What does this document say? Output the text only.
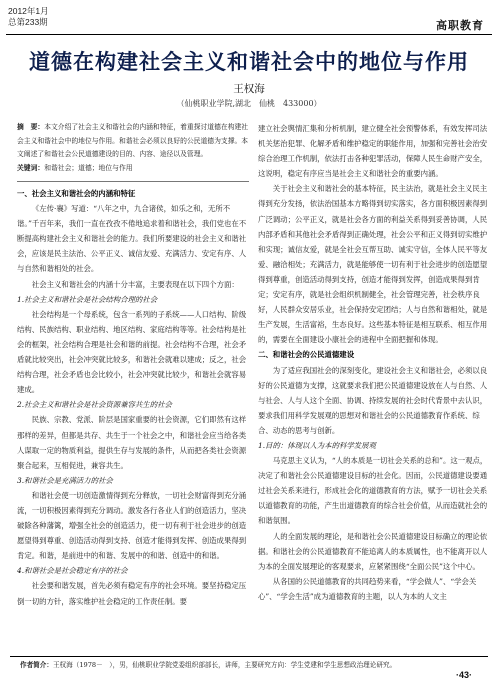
2012年1月
总第233期	高职教育
道德在构建社会主义和谐社会中的地位与作用
王权海
（仙桃职业学院,湖北　仙桃　433000）
摘　要：本文介绍了社会主义和谐社会的内涵和特征，着重探讨道德在构建社会主义和谐社会中的地位与作用。和谐社会必须以良好的公民道德为支撑。本文阐述了和谐社会公民道德建设的目的、内容、途径以及管理。
关键词：和谐社会；道德；地位与作用

一、社会主义和谐社会的内涵和特征

《左传·襄》写道：“八年之中，九合诸侯，如乐之和，无所不谐。”千百年来，我们一直在孜孜不倦地追求着和谐社会，我们党也在不断提高构建社会主义和谐社会的能力。我们所要建设的社会主义和谐社会，应该是民主法治、公平正义、诚信友爱、充满活力、安定有序、人与自然和谐相处的社会。

社会主义和谐社会的内涵十分丰富，主要表现在以下四个方面：

1.社会主义和谐社会是社会结构合理的社会

社会结构是一个母系统，包含一系列的子系统——人口结构、阶级结构、民族结构、职业结构、地区结构、家庭结构等等。社会结构是社会的框架，社会结构合理是社会和谐的前提。社会结构不合理，社会矛盾就比较突出，社会冲突就比较多，和谐社会就难以建成；反之，社会结构合理，社会矛盾也会比较小，社会冲突就比较少，和谐社会就容易建成。

2.社会主义和谐社会是社会资源兼容共生的社会

民族、宗教、党派、阶层是国家重要的社会资源，它们即然有这样那样的差异，但都是共存、共生于一个社会之中，和谐社会应当给各类人谋取一定的物质利益，提供生存与发展的条件，从而把各类社会资源聚合起来，互相促进，兼容共生。

3.和谐社会是充满活力的社会

和谐社会使一切创造激情得到充分释放，一切社会财富得到充分涌流，一切积极因素得到充分调动。激发各行各业人们的创造活力，坚决破除各种藩篱，增强全社会的创造活力，使一切有利于社会进步的创造愿望得到尊重、创造活动得到支持、创造才能得到发挥、创造成果得到肯定。和谐，是前进中的和谐、发展中的和谐、创造中的和谐。

4.和谐社会是社会稳定有序的社会

社会要和谐发展，首先必须有稳定有序的社会环境。要坚持稳定压倒一切的方针，落实维护社会稳定的工作责任制。要

建立社会舆情汇集和分析机制，建立健全社会预警体系，有效发挥司法机关惩治犯罪、化解矛盾和维护稳定的职能作用，加强和完善社会治安综合治理工作机制，依法打击各种犯罪活动，保障人民生命财产安全，这说明，稳定有序应当是社会主义和谐社会的重要内涵。

关于社会主义和谐社会的基本特征，民主法治，就是社会主义民主得到充分发扬，依法治国基本方略得到切实落实，各方面积极因素得到广泛调动；公平正义，就是社会各方面的利益关系得到妥善协调，人民内部矛盾和其他社会矛盾得到正确处理，社会公平和正义得到切实维护和实现；诚信友爱，就是全社会互帮互助、诚实守信，全体人民平等友爱、融洽相处；充满活力，就是能够使一切有利于社会进步的创造愿望得到尊重，创造活动得到支持，创造才能得到发挥，创造成果得到肯定；安定有序，就是社会组织机制健全，社会管理完善，社会秩序良好，人民群众安居乐业，社会保持安定团结；人与自然和谐相处，就是生产发展，生活富裕，生态良好。这些基本特征是相互联系、相互作用的，需要在全面建设小康社会的进程中全面把握和体现。

二、和谐社会的公民道德建设

为了适应我国社会的深刻变化，建设社会主义和谐社会，必须以良好的公民道德为支撑，这就要求我们把公民道德建设放在人与自然、人与社会、人与人这个全面、协调、持续发展的社会时代背景中去认识，要求我们用科学发展观的思想对和谐社会的公民道德教育作系统、综合、动态的思考与创新。

1.目的：体现以人为本的科学发展观

马克思主义认为，“人的本质是一切社会关系的总和”。这一观点，决定了和谐社会公民道德建设目标的社会化。因而，公民道德建设要通过社会关系来进行，形成社会化的道德教育的方法，赋予一切社会关系以道德教育的功能，产生出道德教育的综合社会价值，从而造就社会的和谐氛围。

人的全面发展的理论，是和谐社会公民道德建设目标确立的理论依据。和谐社会的公民道德教育不能追离人的本质属性，也不能离开以人为本的全面发展理论的客观要求，应紧紧围绕“全面公民”这个中心。

从各国的公民道德教育的共同趋势来看，“学会做人”、“学会关心”、“学会生活”成为道德教育的主题，以人为本的人文主

作者简介：王权海（1978－　），男，仙桃职业学院党委组织部部长，讲师，主要研究方向：学生党建和学生思想政治理论研究。
·43·
